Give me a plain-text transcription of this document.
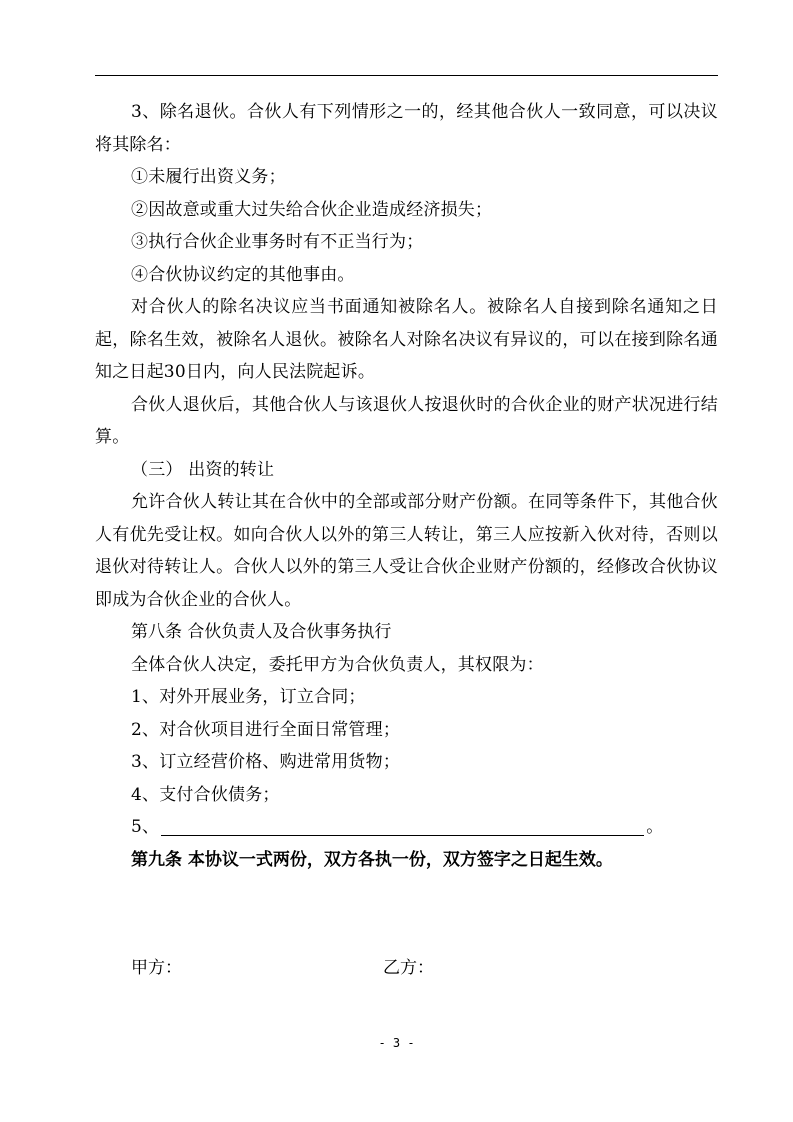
3、除名退伙。合伙人有下列情形之一的，经其他合伙人一致同意，可以决议将其除名：
①未履行出资义务；
②因故意或重大过失给合伙企业造成经济损失；
③执行合伙企业事务时有不正当行为；
④合伙协议约定的其他事由。
对合伙人的除名决议应当书面通知被除名人。被除名人自接到除名通知之日起，除名生效，被除名人退伙。被除名人对除名决议有异议的，可以在接到除名通知之日起30日内，向人民法院起诉。
合伙人退伙后，其他合伙人与该退伙人按退伙时的合伙企业的财产状况进行结算。
（三） 出资的转让
允许合伙人转让其在合伙中的全部或部分财产份额。在同等条件下，其他合伙人有优先受让权。如向合伙人以外的第三人转让，第三人应按新入伙对待，否则以退伙对待转让人。合伙人以外的第三人受让合伙企业财产份额的，经修改合伙协议即成为合伙企业的合伙人。
第八条 合伙负责人及合伙事务执行
全体合伙人决定，委托甲方为合伙负责人，其权限为：
1、对外开展业务，订立合同；
2、对合伙项目进行全面日常管理；
3、订立经营价格、购进常用货物；
4、支付合伙债务；
5、	。
第九条 本协议一式两份，双方各执一份，双方签字之日起生效。
甲方：	乙方：
- 3 -
